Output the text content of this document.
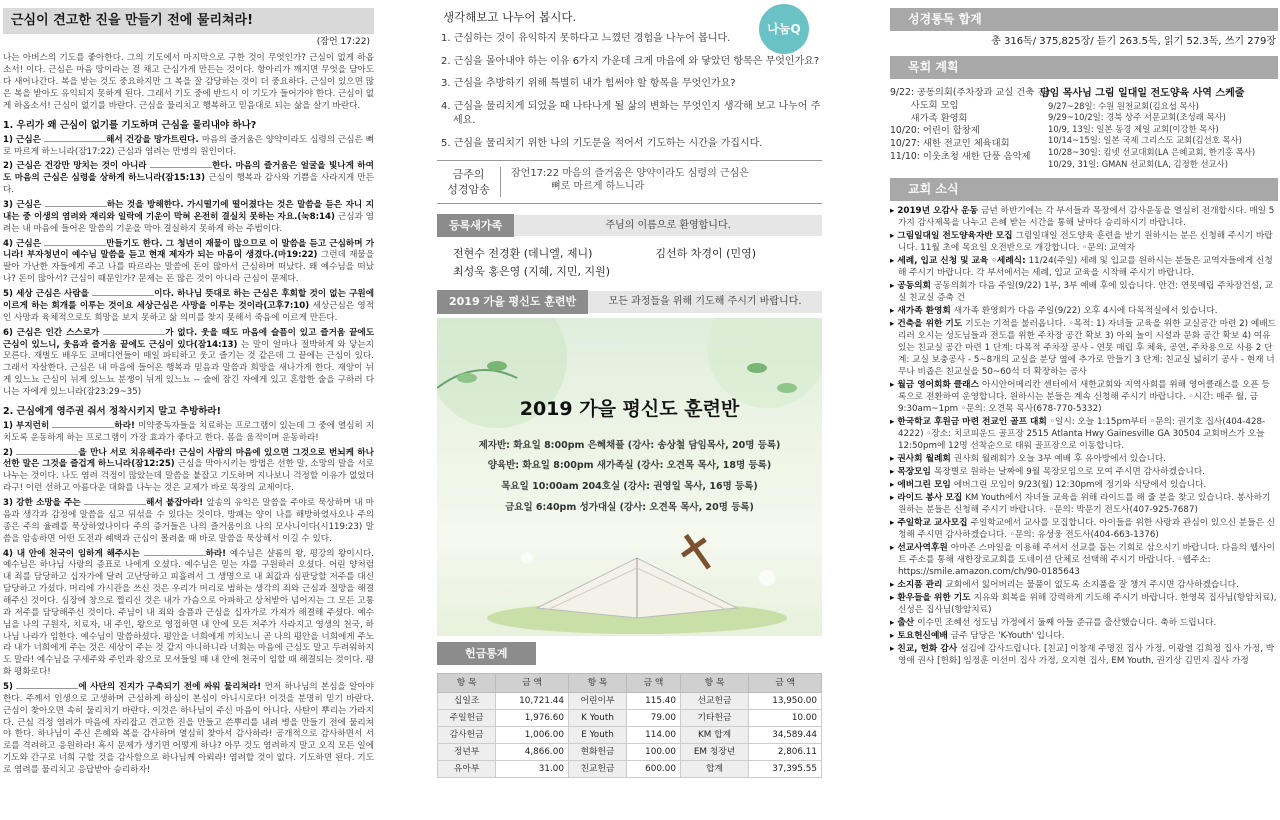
근심이 견고한 진을 만들기 전에 물리쳐라!
(잠언 17:22)

나는 아버스의 기도를 좋아한다. 그의 기도에서 마지막으로 구한 것이 무엇인가? 근심이 없게 하옵소서! 이다. 근심은 마음 땅이라는 걸 채고 근심가게 만든는 것이다. 항아리가 깨지면 무엇을 담아도 다 새어나간다. 복을 받는 것도 중요하지만 그 복을 잘 감당하는 것이 더 중요하다. 근심이 있으면 많은 복을 받아도 유익되지 못하게 된다. 그래서 기도 중에 반드시 이 기도가 들어가야 한다. 근심이 없게 하옵소서! 근심이 없기를 바란다. 근심을 물리치고 행복하고 믿음대로 되는 삶을 살기 바란다.

1. 우리가 왜 근심이 없기를 기도하며 근심을 물리내야 하나?

1) 근심은	해서 건강을 망가트린다. 마음의 즐거움은 양약이라도 심령의 근심은 뼈로 마르게 하느니라(잠17:22) 근심과 염려는 만병의 원인이다.

2) 근심은 건강만 망치는 것이 아니라	한다. 마음의 즐거움은 얼굴을 빛나게 하여도 마음의 근심은 심령을 상하게 하느니라(잠15:13) 근심이 행복과 감사와 기쁨을 사라지게 만든다.

3) 근심은	하는 것을 방해한다. 가시떨기에 떨어졌다는 것은 말씀을 듣은 자니 지내는 중 이생의 염려와 재리와 일락에 기운이 막혀 온전히 결실치 못하는 자요.(눅8:14) 근심과 염려는 내 마음에 들어온 말씀의 기운을 막아 결실하지 못하게 하는 주범이다.

4) 근심은	만들기도 한다. 그 청년이 재물이 많으므로 이 말씀을 듣고 근심하며 가니라! 부자청년이 예수님 말씀을 듣고 현재 제자가 되는 마음이 생겼다.(마19:22) 그런데 재물을 팔아 가난한 자들에게 주고 나를 따르라는 말씀에 돈이 많아서 근심하며 떠났다. 왜 예수님을 떠났나? 돈이 많아서? 근심이 때문인가? 문제는 돈 많은 것이 아니라 근심이 문제다.

5) 세상 근심은 사람을	이다. 하나님 뜻대로 하는 근심은 후회할 것이 없는 구원에 이르게 하는 회개를 이루는 것이요 세상근심은 사망을 이루는 것이라(고후7:10) 세상근심은 영적인 사망과 육체적으로도 희망을 보지 못하고 삶 의미를 찾지 못해서 죽음에 이르게 만든다.

6) 근심은 인간 스스로가	가 없다. 웃을 때도 마음에 슬픔이 있고 즐거움 끝에도 근심이 있느니, 웃음과 즐거움 끝에도 근심이 있다(잠14:13) 는 말이 얼마나 절박하게 와 닿는지 모른다. 재벌도 배우도 코메디언들이 매일 파티하고 웃고 즐기는 것 같은데 그 끝에는 근심이 있다. 그래서 자살한다. 근심은 내 마음에 들어온 행복과 믿음과 말씀과 희망을 새나가게 한다. 재앙이 뉘게 있느뇨 근심이 뉘게 있느뇨 분쟁이 뉘게 있느뇨 -- 술에 잠긴 자에게 있고 혼합한 술을 구하러 다니는 자에게 있느니라(잠23:29~35)

2. 근심에게 영주권 줘서 정착시키지 말고 추방하라!

1) 부지런히	하라! 미약중독자들을 치료하는 프로그램이 있는데 그 중에 열심히 지치도록 운동하게 하는 프로그램이 가장 효과가 좋다고 한다. 몸을 움직이며 운동하라!

2)	을 만나 서로 치유해주라! 근심이 사람의 마음에 있으면 그것으로 번뇌케 하나 선한 말은 그것을 즐겁게 하느니라(잠12:25) 근심을 막아시키는 방법은 선한 말, 소망의 말을 서로 나누는 것이다. 나도 염려 걱정이 많았는데 말씀을 붙잡고 기도하며 지나보니 걱정할 이유가 없었더라구! 이런 선하고 아름다운 대화를 나누는 것은 교제가 바로 목장의 교제이다.

3) 강한 소망을 주는	해서 붙잡아라! 앞송의 유익은 말씀을 주야로 묵상하며 내 마음과 생각과 감정에 말씀을 심고 뒤섞을 수 있다는 것이다. 방패는 양이 나를 해방하였사오나 주의 종은 주의 율례를 묵상하였나이다 주의 증거들은 나의 즐거움이요 나의 모사니이다(시119:23) 말씀을 암송하면 어떤 도전과 혜택과 근심이 몰려올 때 바로 말씀을 묵상해서 이길 수 있다.

4) 내 안에 천국이 임하게 해주시는	하라! 예수님은 샬롬의 왕, 평강의 왕이시다. 예수님은 하나님 사랑의 증표로 나에게 오셨다. 예수님은 믿는 자를 구원하러 오셨다. 어린 양처럼 내 죄를 담당하고 십자가에 달려 고난당하고 피흘려서 그 생명으로 내 최값과 심판당할 저주를 대신 담당하고 가셨다. 머리에 가시관을 쓰신 것은 우리가 머리로 범하는 생각의 죄와 근심과 절망을 해결해주신 것이다. 심장에 창으로 찔리신 것은 내가 가슴으로 아파하고 상처받아 넘어지는 그 모든 고통과 저주를 담당해주신 것이다. 주님이 내 죄와 슬픔과 근심을 십자가로 가져가 해결해 주셨다. 예수님을 나의 구원자, 치료자, 내 주인, 왕으로 영접하면 내 안에 모든 저주가 사라지고 영생의 천국, 하나님 나라가 임한다. 예수님이 말씀하셨다. 평안을 너희에게 끼치노니 곧 나의 평안을 너희에게 주노라 내가 너희에게 주는 것은 세상이 주는 것 같지 아니하니라 너희는 마음에 근심도 말고 두려워하지도 말라! 예수님을 구세주와 주인과 왕으로 모셔들일 때 내 안에 천국이 임할 때 해결되는 것이다. 평화 평화로다!

5)	에 사단의 진지가 구축되기 전에 싸워 물리쳐라! 먼저 하나님의 본심을 알아야 한다. 주께서 인생으로 고생하며 근심하게 하심이 본심이 아니시로다! 이것을 분명히 믿기 바란다. 근심이 찾아오면 속히 물리치기 바란다. 이것은 하나님이 주신 마음이 아니다. 사탄이 뿌리는 가라지다. 근심 걱정 염려가 마음에 자리잡고 견고한 진을 만들고 쓴뿌리를 내려 병을 만들기 전에 물리쳐야 한다. 하나님이 주신 은혜와 복을 감사하며 열심히 찾아서 감사하라! 공개적으로 감사하면서 서로를 격려하고 응원하라! 혹시 문제가 생기면 어떻게 하나? 아무 것도 염려하지 말고 오직 모든 일에 기도와 간구로 너희 구할 것을 감사함으로 하나님께 아뢰라! 염려할 것이 없다. 기도하면 된다. 기도로 염려를 물리치고 응답받아 승리하자!

생각해보고 나누어 봅시다.
나눔Q
1. 근심하는 것이 유익하지 못하다고 느꼈던 경험을 나누어 봅니다.
2. 근심을 몰아내야 하는 이유 6가지 가운데 크게 마음에 와 닿았던 항목은 무엇인가요?
3. 근심을 추방하기 위해 특별히 내가 힘써야 할 항목을 무엇인가요?
4. 근심을 물리치게 되었을 때 나타나게 될 삶의 변화는 무엇인지 생각해 보고 나누어 주세요.
5. 근심을 물리치기 위한 나의 기도문을 적어서 기도하는 시간을 가집시다.
금주의
성경암송
잠언17:22 마음의 즐거움은 양약이라도 심령의 근심은
뼈로 마르게 하느니라
등록새가족	주님의 이름으로 환영합니다.
전현수 전경환 (데니엘, 제니)	김선하 차경이 (민영)
최성욱 홍은영 (지혜, 지민, 지원)
2019 가을 평신도 훈련반	모든 과정들을 위해 기도해 주시기 바랍니다.
2019 가을 평신도 훈련반
제자반: 화요일 8:00pm 은혜채플 (강사: 송상철 담임목사, 20명 등록)
양육반: 화요일 8:00pm 새가족실 (강사: 오견목 목사, 18명 등록)
목요일 10:00am 204호실 (강사: 권영일 목사, 16명 등록)
금요일 6:40pm 성가대실 (강사: 오견목 목사, 20명 등록)
헌금통계
항 목	금 액	항 목	금 액	항 목	금 액
십일조	10,721.44	어린이부	115.40	선교헌금	13,950.00
주일헌금	1,976.60	K Youth	79.00	기타헌금	10.00
감사헌금	1,006.00	E Youth	114.00	KM 합계	34,589.44
정년부	4,866.00	현화헌금	100.00	EM 청장년	2,806.11
유아부	31.00	친교헌금	600.00	합계	37,395.55
성경통독 합계
총 316독/ 375,825장/ 듣기 263.5독, 읽기 52.3독, 쓰기 279장
목회 계획
9/22: 공동의회(주차장과 교실 건축 건)
사도회 모임
새가족 환영회
10/20: 어린이 합창제
10/27: 새한 전교인 체육대회
11/10: 이웃초청 새한 단풍 음악제
담임 목사님 그림 일대일 전도양육 사역 스케줄
9/27~28일: 수원 원천교회(김요섭 목사)
9/29~10/2일: 경북 상주 서문교회(조성래 목사)
10/9, 13일: 일본 동경 제일 교회(이강한 목사)
10/14~15일: 일본 국제 그리스도 교회(김선호 목사)
10/28~30일: 킴넷 선교대회(LA 은혜교회, 한기홍 목사)
10/29, 31일: GMAN 선교회(LA, 김정한 선교사)
교회 소식
▸ 2019년 오감사 운동 금년 하반기에는 각 부서들과 목장에서 감사운동을 열심히 전개합시다. 매일 5가지 감사제목을 나누고 은혜 받는 시간을 통해 날마다 승리하시기 바랍니다.
▸ 그림일대일 전도양육자반 모집 그림일대일 전도양육 훈련을 받기 원하시는 분은 신청해 주시기 바랍니다. 11월 초에 목요일 오전반으로 개강합니다. ◦문의: 교역자
▸ 세례, 입교 신청 및 교육 ◦세례식: 11/24(주일) 세례 및 입교를 원하시는 분들은 교역자들에게 신청해 주시기 바랍니다. 각 부서에서는 세례, 입교 교육을 시작해 주시기 바랍니다.
▸ 공동의회 공동의회가 다음 주일(9/22) 1부, 3부 예배 후에 있습니다. 안건: 연못매립 주차장건설, 교실 친교실 증축 건
▸ 새가족 환영회 새가족 환영회가 다음 주일(9/22) 오후 4시에 다목적실에서 있습니다.
▸ 건축을 위한 기도 기도는 기적을 불러옵니다. ◦목적: 1) 자녀들 교육을 위한 교실공간 마련 2) 예배드리러 오시는 성도님들과 전도를 위한 주차장 공간 확보 3) 아외 놀이 시설과 문화 공간 확보 4) 여유 있는 친교실 공간 마련 1 단계: 다목적 주차장 공사 - 연못 매립 후 체육, 공연, 주차용으로 사용 2 단계: 교실 보충공사 - 5~8개의 교실을 분당 옆에 추가로 만들기 3 단계: 친교실 넓히기 공사 - 현재 너무나 비좁은 친교실을 50~60석 더 확장하는 공사
▸ 월금 영어회화 클래스 아시안어메리칸 센터에서 새한교회와 지역사회를 위해 영어클래스를 오픈 등록으로 전환하여 운영합니다. 원하시는 분들은 계속 신청해 주시기 바랍니다. ◦시간: 매주 월, 금 9:30am~1pm ◦문의: 오견목 목사(678-770-5332)
▸ 한국학교 후원금 마련 전교인 골프 대회 ◦일시: 오늘 1:15pm부터 ◦문의: 권기호 집사(404-428-4222) ◦장소: 치코피운드 골프장 2515 Atlanta Hwy Gainesville GA 30504 교회버스가 오늘12:50pm에 12명 선착순으로 태워 골프장으로 이동합니다.
▸ 권사회 월례회 권사회 월례회가 오늘 3부 예배 후 유아방에서 있습니다.
▸ 목장모임 목장별로 원하는 날짜에 9월 목장모임으로 모여 주시면 감사하겠습니다.
▸ 에버그린 모임 에버그린 모임이 9/23(월) 12:30pm에 정기와 식당에서 있습니다.
▸ 라이드 봉사 모집 KM Youth에서 자녀들 교육을 위해 라이드를 해 줄 분을 찾고 있습니다. 봉사하기 원하는 분들은 신청해 주시기 바랍니다. ◦문의: 박문기 전도사(407-925-7687)
▸ 주일학교 교사모집 주일학교에서 교사를 모집합니다. 아이들을 위한 사랑과 관심이 있으신 분들은 신청해 주시면 감사하겠습니다. ◦문의: 유성웅 전도사(404-663-1376)
▸ 선교사역후원 아마존 스마일을 이용해 주셔서 선교를 돕는 기회로 삼으시기 바랍니다. 다음의 웹사이트 주소를 통해 새한장로교회를 도네이션 단체로 선택해 주시기 바랍니다. ◦웹주소: https://smile.amazon.com/ch/90-0185643
▸ 소지품 관리 교회에서 잃어버리는 물품이 없도록 소지품을 잘 챙겨 주시면 감사하겠습니다.
▸ 환우들을 위한 기도 지유와 회복을 위해 강력하게 기도해 주시기 바랍니다. 한영목 집사님(항암치료), 신성은 집사님(항암치료)
▸ 출산 이수민 조혜선 성도님 가정에서 둘째 아들 준규를 출산했습니다. 축하 드립니다.
▸ 토요헌신예배 금주 담당은 'K-Youth' 입니다.
▸ 친교, 헌화 감사 섬김에 감사드립니다. [친교] 이창재 주명진 집사 가정, 이광열 김희정 집사 가정, 박영애 권사 [헌화] 임정훈 이선미 집사 가정, 오지현 집사, EM Youth, 권기상 김민지 집사 가정
